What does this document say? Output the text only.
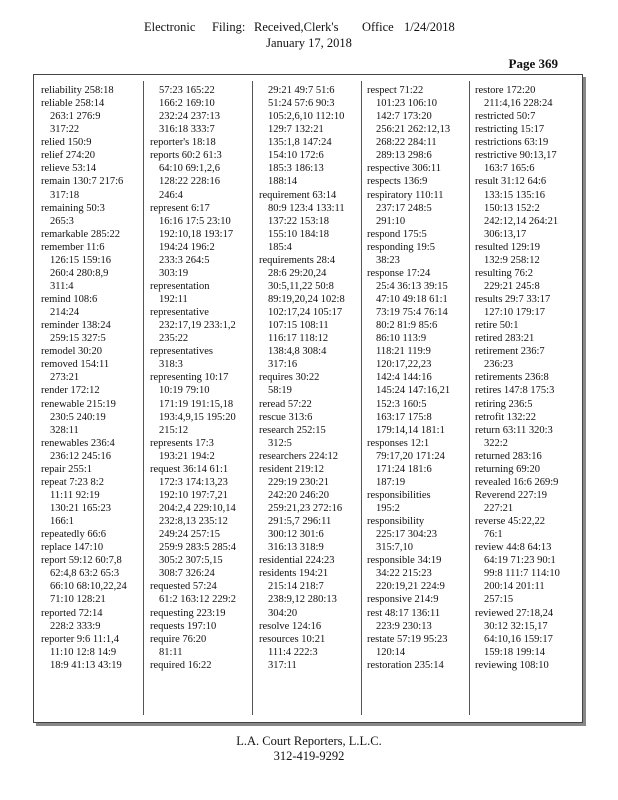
Electronic Filing: Received,Clerk's Office 1/24/2018
January 17, 2018
Page 369
reliability 258:18
reliable 258:14
263:1 276:9
317:22
relied 150:9
relief 274:20
relieve 53:14
remain 130:7 217:6
317:18
remaining 50:3
265:3
remarkable 285:22
remember 11:6
126:15 159:16
260:4 280:8,9
311:4
remind 108:6
214:24
reminder 138:24
259:15 327:5
remodel 30:20
removed 154:11
273:21
render 172:12
renewable 215:19
230:5 240:19
328:11
renewables 236:4
236:12 245:16
repair 255:1
repeat 7:23 8:2
11:11 92:19
130:21 165:23
166:1
repeatedly 66:6
replace 147:10
report 59:12 60:7,8
62:4,8 63:2 65:3
66:10 68:10,22,24
71:10 128:21
reported 72:14
228:2 333:9
reporter 9:6 11:1,4
11:10 12:8 14:9
18:9 41:13 43:19
57:23 165:22
166:2 169:10
232:24 237:13
316:18 333:7
reporter's 18:18
reports 60:2 61:3
64:10 69:1,2,6
128:22 228:16
246:4
represent 6:17
16:16 17:5 23:10
192:10,18 193:17
194:24 196:2
233:3 264:5
303:19
representation
192:11
representative
232:17,19 233:1,2
235:22
representatives
318:3
representing 10:17
10:19 79:10
171:19 191:15,18
193:4,9,15 195:20
215:12
represents 17:3
193:21 194:2
request 36:14 61:1
172:3 174:13,23
192:10 197:7,21
204:2,4 229:10,14
232:8,13 235:12
249:24 257:15
259:9 283:5 285:4
305:2 307:5,15
308:7 326:24
requested 57:24
61:2 163:12 229:2
requesting 223:19
requests 197:10
require 76:20
81:11
required 16:22
29:21 49:7 51:6
51:24 57:6 90:3
105:2,6,10 112:10
129:7 132:21
135:1,8 147:24
154:10 172:6
185:3 186:13
188:14
requirement 63:14
80:9 123:4 133:11
137:22 153:18
155:10 184:18
185:4
requirements 28:4
28:6 29:20,24
30:5,11,22 50:8
89:19,20,24 102:8
102:17,24 105:17
107:15 108:11
116:17 118:12
138:4,8 308:4
317:16
requires 30:22
58:19
reread 57:22
rescue 313:6
research 252:15
312:5
researchers 224:12
resident 219:12
229:19 230:21
242:20 246:20
259:21,23 272:16
291:5,7 296:11
300:12 301:6
316:13 318:9
residential 224:23
residents 194:21
215:14 218:7
238:9,12 280:13
304:20
resolve 124:16
resources 10:21
111:4 222:3
317:11
respect 71:22
101:23 106:10
142:7 173:20
256:21 262:12,13
268:22 284:11
289:13 298:6
respective 306:11
respects 136:9
respiratory 110:11
237:17 248:5
291:10
respond 175:5
responding 19:5
38:23
response 17:24
25:4 36:13 39:15
47:10 49:18 61:1
73:19 75:4 76:14
80:2 81:9 85:6
86:10 113:9
118:21 119:9
120:17,22,23
142:4 144:16
145:24 147:16,21
152:3 160:5
163:17 175:8
179:14,14 181:1
responses 12:1
79:17,20 171:24
171:24 181:6
187:19
responsibilities
195:2
responsibility
225:17 304:23
315:7,10
responsible 34:19
34:22 215:23
220:19,21 224:9
responsive 214:9
rest 48:17 136:11
223:9 230:13
restate 57:19 95:23
120:14
restoration 235:14
restore 172:20
211:4,16 228:24
restricted 50:7
restricting 15:17
restrictions 63:19
restrictive 90:13,17
163:7 165:6
result 31:12 64:6
133:15 135:16
150:13 152:2
242:12,14 264:21
306:13,17
resulted 129:19
132:9 258:12
resulting 76:2
229:21 245:8
results 29:7 33:17
127:10 179:17
retire 50:1
retired 283:21
retirement 236:7
236:23
retirements 236:8
retires 147:8 175:3
retiring 236:5
retrofit 132:22
return 63:11 320:3
322:2
returned 283:16
returning 69:20
revealed 16:6 269:9
Reverend 227:19
227:21
reverse 45:22,22
76:1
review 44:8 64:13
64:19 71:23 90:1
99:8 111:7 114:10
200:14 201:11
257:15
reviewed 27:18,24
30:12 32:15,17
64:10,16 159:17
159:18 199:14
reviewing 108:10
L.A. Court Reporters, L.L.C.
312-419-9292
